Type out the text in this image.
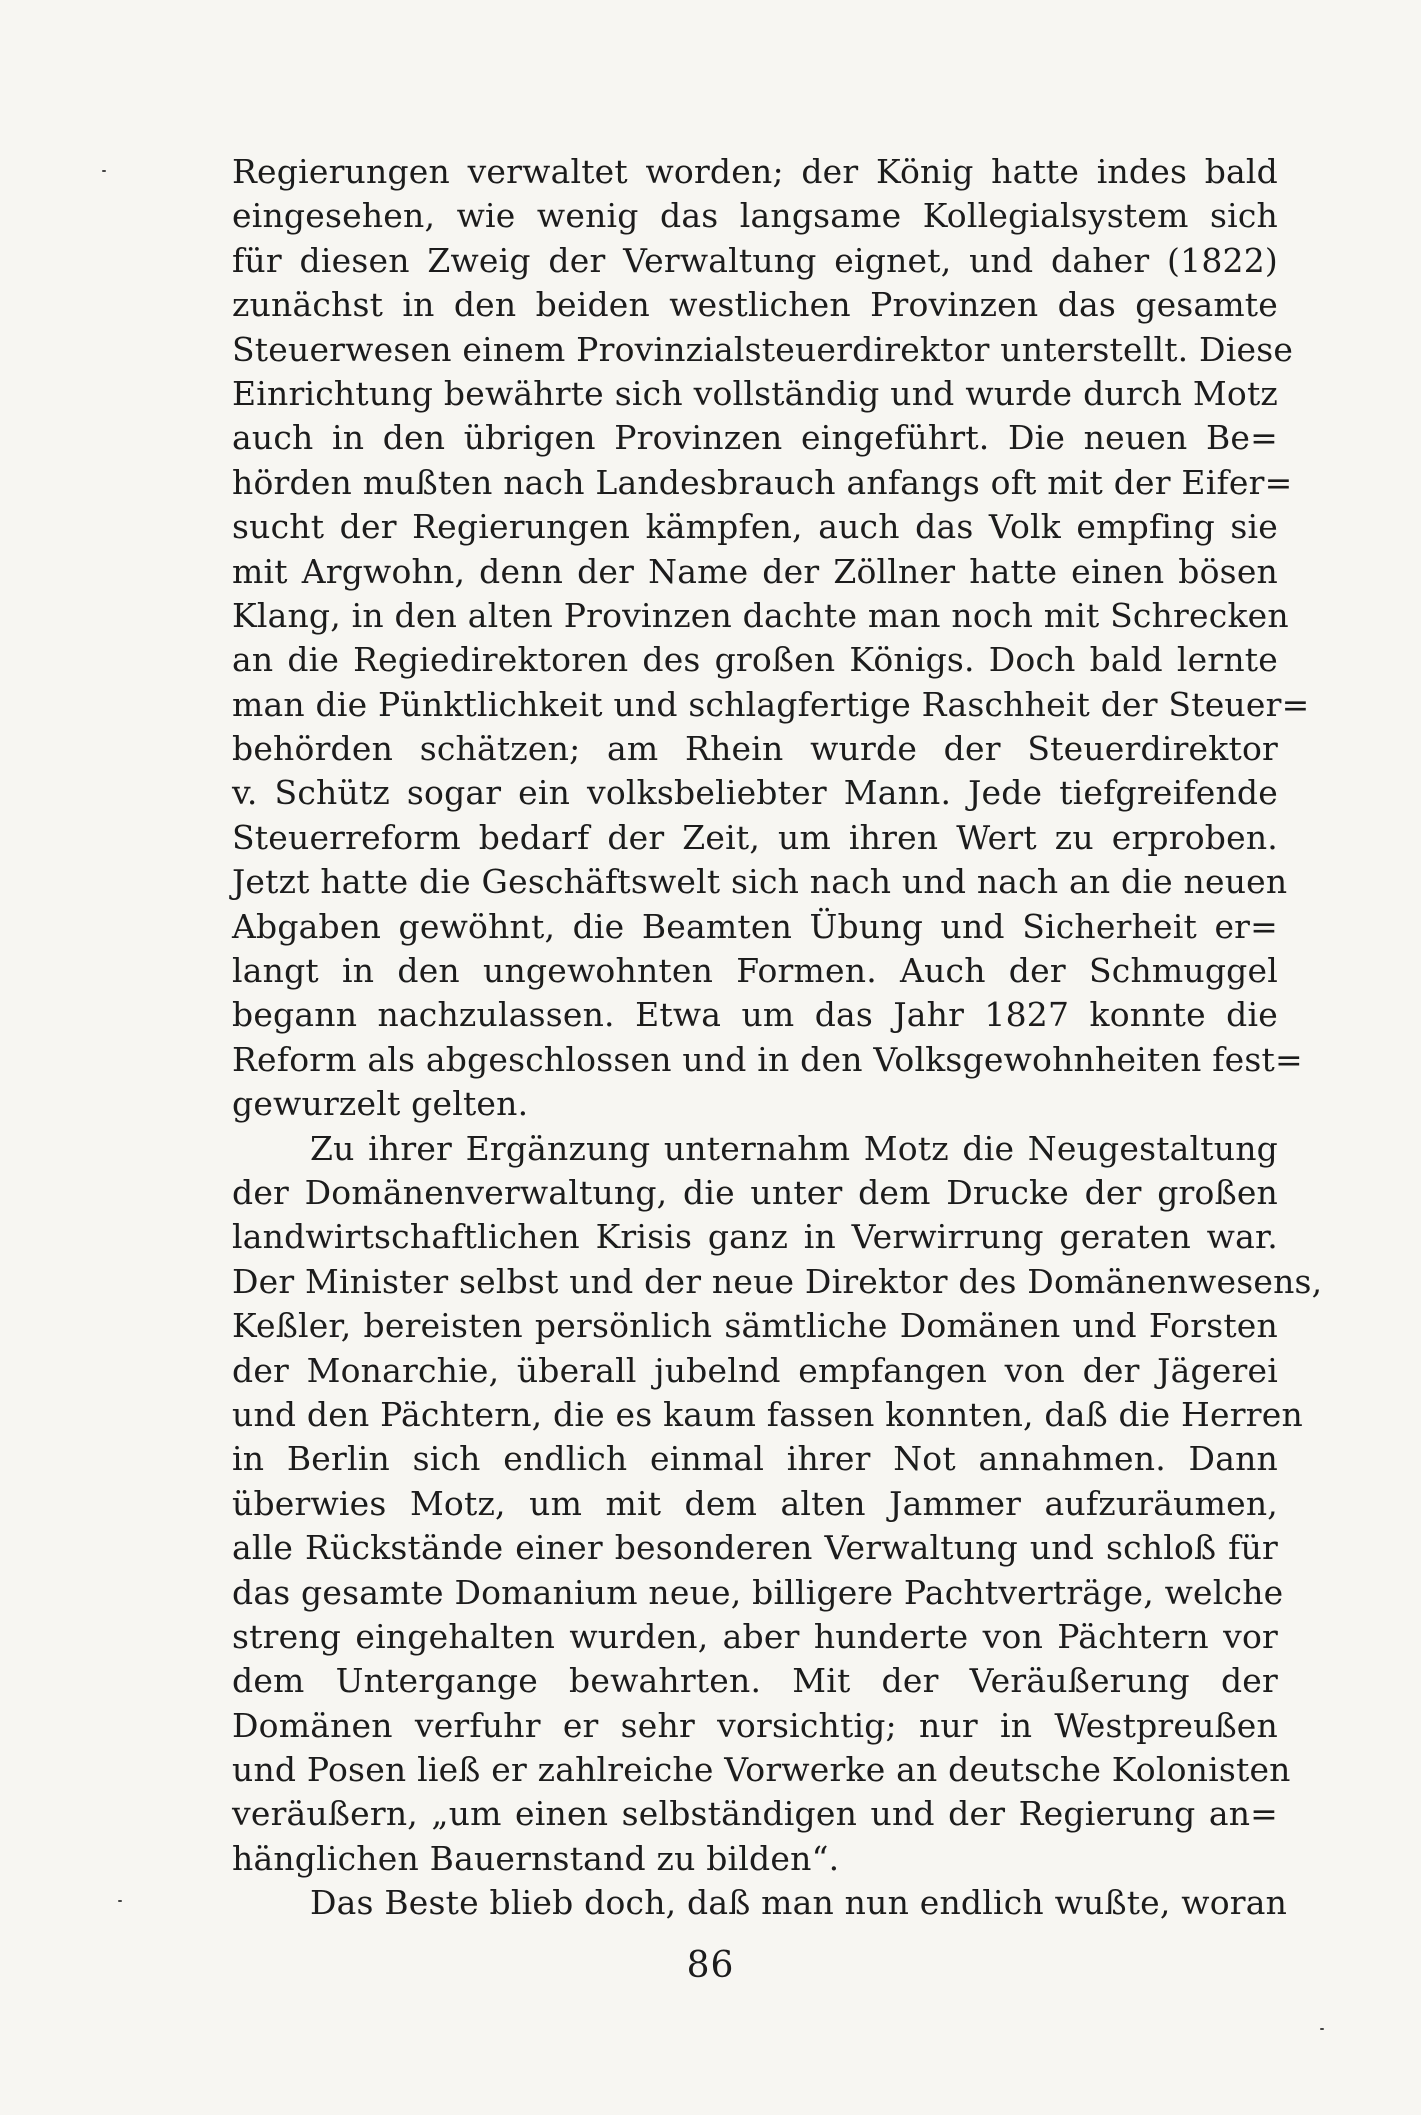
Regierungen verwaltet worden; der König hatte indes bald
eingesehen, wie wenig das langsame Kollegialsystem sich
für diesen Zweig der Verwaltung eignet, und daher (1822)
zunächst in den beiden westlichen Provinzen das gesamte
Steuerwesen einem Provinzialsteuerdirektor unterstellt. Diese
Einrichtung bewährte sich vollständig und wurde durch Motz
auch in den übrigen Provinzen eingeführt. Die neuen Be=
hörden mußten nach Landesbrauch anfangs oft mit der Eifer=
sucht der Regierungen kämpfen, auch das Volk empfing sie
mit Argwohn, denn der Name der Zöllner hatte einen bösen
Klang, in den alten Provinzen dachte man noch mit Schrecken
an die Regiedirektoren des großen Königs. Doch bald lernte
man die Pünktlichkeit und schlagfertige Raschheit der Steuer=
behörden schätzen; am Rhein wurde der Steuerdirektor
v. Schütz sogar ein volksbeliebter Mann. Jede tiefgreifende
Steuerreform bedarf der Zeit, um ihren Wert zu erproben.
Jetzt hatte die Geschäftswelt sich nach und nach an die neuen
Abgaben gewöhnt, die Beamten Übung und Sicherheit er=
langt in den ungewohnten Formen. Auch der Schmuggel
begann nachzulassen. Etwa um das Jahr 1827 konnte die
Reform als abgeschlossen und in den Volksgewohnheiten fest=
gewurzelt gelten.
Zu ihrer Ergänzung unternahm Motz die Neugestaltung
der Domänenverwaltung, die unter dem Drucke der großen
landwirtschaftlichen Krisis ganz in Verwirrung geraten war.
Der Minister selbst und der neue Direktor des Domänenwesens,
Keßler, bereisten persönlich sämtliche Domänen und Forsten
der Monarchie, überall jubelnd empfangen von der Jägerei
und den Pächtern, die es kaum fassen konnten, daß die Herren
in Berlin sich endlich einmal ihrer Not annahmen. Dann
überwies Motz, um mit dem alten Jammer aufzuräumen,
alle Rückstände einer besonderen Verwaltung und schloß für
das gesamte Domanium neue, billigere Pachtverträge, welche
streng eingehalten wurden, aber hunderte von Pächtern vor
dem Untergange bewahrten. Mit der Veräußerung der
Domänen verfuhr er sehr vorsichtig; nur in Westpreußen
und Posen ließ er zahlreiche Vorwerke an deutsche Kolonisten
veräußern, „um einen selbständigen und der Regierung an=
hänglichen Bauernstand zu bilden“.
Das Beste blieb doch, daß man nun endlich wußte, woran
86
